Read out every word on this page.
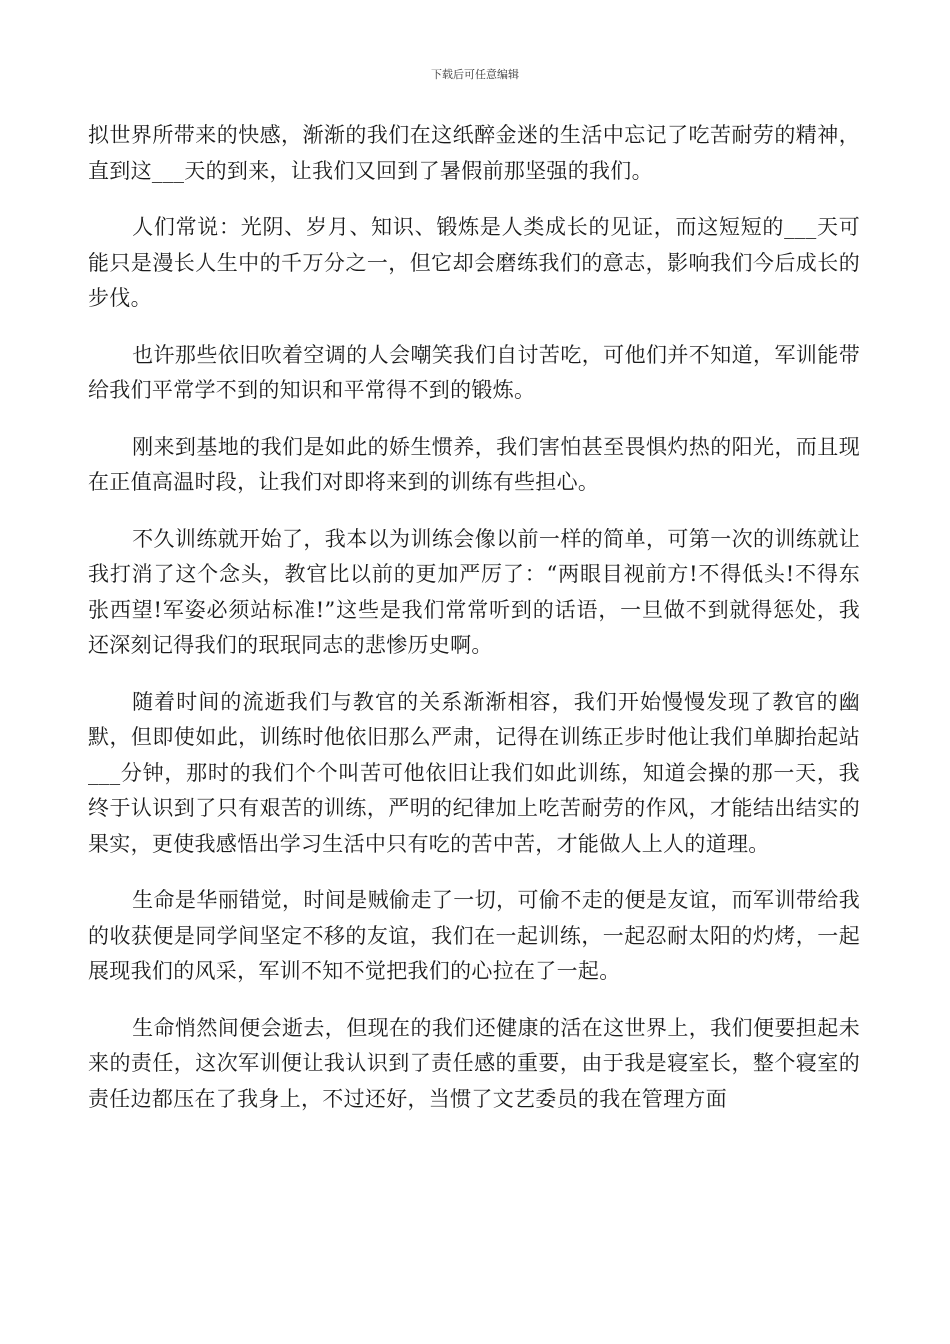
下载后可任意编辑

拟世界所带来的快感，渐渐的我们在这纸醉金迷的生活中忘记了吃苦耐劳的精神，直到这___天的到来，让我们又回到了暑假前那坚强的我们。

人们常说：光阴、岁月、知识、锻炼是人类成长的见证，而这短短的___天可能只是漫长人生中的千万分之一，但它却会磨练我们的意志，影响我们今后成长的步伐。

也许那些依旧吹着空调的人会嘲笑我们自讨苦吃，可他们并不知道，军训能带给我们平常学不到的知识和平常得不到的锻炼。

刚来到基地的我们是如此的娇生惯养，我们害怕甚至畏惧灼热的阳光，而且现在正值高温时段，让我们对即将来到的训练有些担心。

不久训练就开始了，我本以为训练会像以前一样的简单，可第一次的训练就让我打消了这个念头，教官比以前的更加严厉了：“两眼目视前方!不得低头!不得东张西望!军姿必须站标准!”这些是我们常常听到的话语，一旦做不到就得惩处，我还深刻记得我们的珉珉同志的悲惨历史啊。

随着时间的流逝我们与教官的关系渐渐相容，我们开始慢慢发现了教官的幽默，但即使如此，训练时他依旧那么严肃，记得在训练正步时他让我们单脚抬起站___分钟，那时的我们个个叫苦可他依旧让我们如此训练，知道会操的那一天，我终于认识到了只有艰苦的训练，严明的纪律加上吃苦耐劳的作风，才能结出结实的果实，更使我感悟出学习生活中只有吃的苦中苦，才能做人上人的道理。

生命是华丽错觉，时间是贼偷走了一切，可偷不走的便是友谊，而军训带给我的收获便是同学间坚定不移的友谊，我们在一起训练，一起忍耐太阳的灼烤，一起展现我们的风采，军训不知不觉把我们的心拉在了一起。

生命悄然间便会逝去，但现在的我们还健康的活在这世界上，我们便要担起未来的责任，这次军训便让我认识到了责任感的重要，由于我是寝室长，整个寝室的责任边都压在了我身上，不过还好，当惯了文艺委员的我在管理方面
